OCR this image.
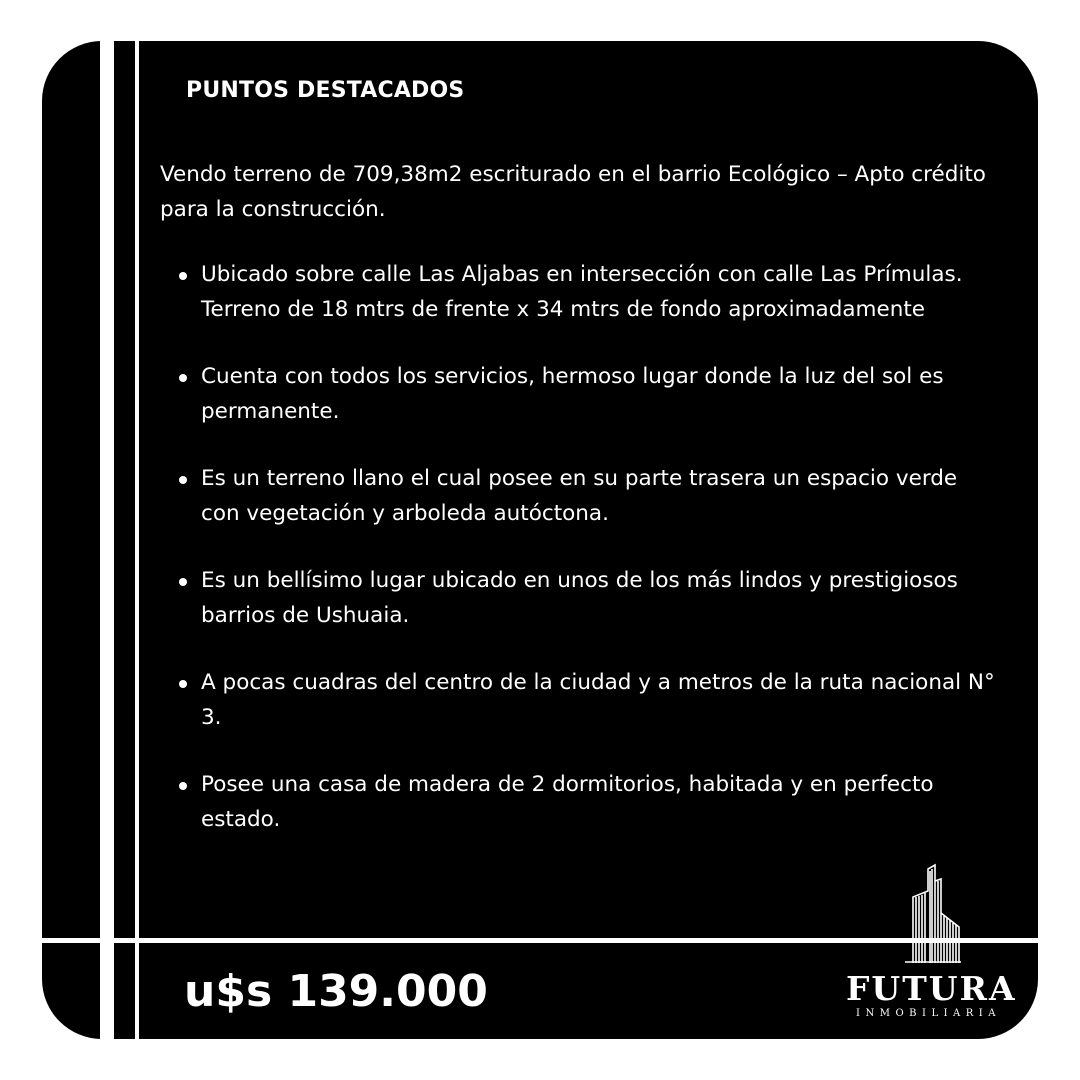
PUNTOS DESTACADOS

Vendo terreno de 709,38m2 escriturado en el barrio Ecológico – Apto crédito para la construcción.

Ubicado sobre calle Las Aljabas en intersección con calle Las Prímulas. Terreno de 18 mtrs de frente x 34 mtrs de fondo aproximadamente
Cuenta con todos los servicios, hermoso lugar donde la luz del sol es permanente.
Es un terreno llano el cual posee en su parte trasera un espacio verde con vegetación y arboleda autóctona.
Es un bellísimo lugar ubicado en unos de los más lindos y prestigiosos barrios de Ushuaia.
A pocas cuadras del centro de la ciudad y a metros de la ruta nacional N° 3.
Posee una casa de madera de 2 dormitorios, habitada y en perfecto estado.
u$s 139.000	FUTURA
INMOBILIARIA
